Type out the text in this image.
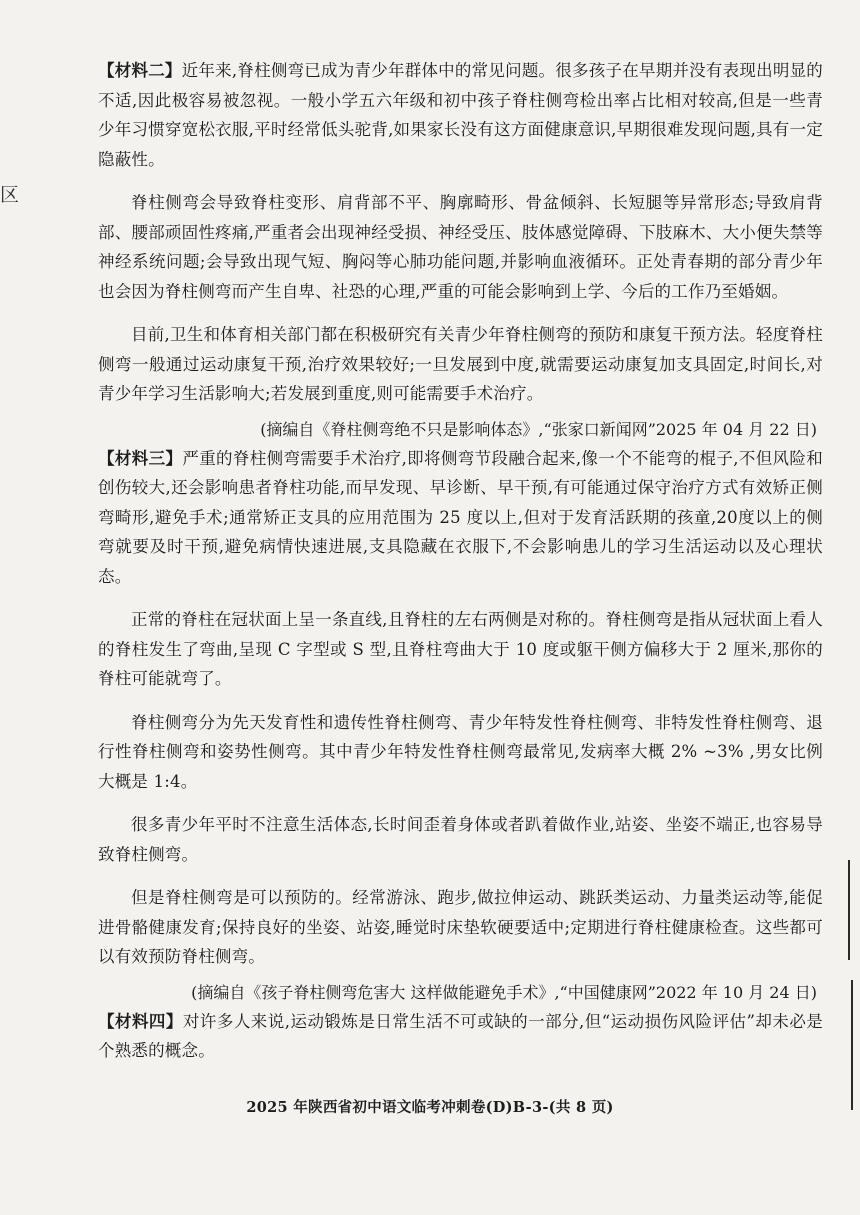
区

【材料二】近年来,脊柱侧弯已成为青少年群体中的常见问题。很多孩子在早期并没有表现出明显的不适,因此极容易被忽视。一般小学五六年级和初中孩子脊柱侧弯检出率占比相对较高,但是一些青少年习惯穿宽松衣服,平时经常低头驼背,如果家长没有这方面健康意识,早期很难发现问题,具有一定隐蔽性。

脊柱侧弯会导致脊柱变形、肩背部不平、胸廓畸形、骨盆倾斜、长短腿等异常形态;导致肩背部、腰部顽固性疼痛,严重者会出现神经受损、神经受压、肢体感觉障碍、下肢麻木、大小便失禁等神经系统问题;会导致出现气短、胸闷等心肺功能问题,并影响血液循环。正处青春期的部分青少年也会因为脊柱侧弯而产生自卑、社恐的心理,严重的可能会影响到上学、今后的工作乃至婚姻。

目前,卫生和体育相关部门都在积极研究有关青少年脊柱侧弯的预防和康复干预方法。轻度脊柱侧弯一般通过运动康复干预,治疗效果较好;一旦发展到中度,就需要运动康复加支具固定,时间长,对青少年学习生活影响大;若发展到重度,则可能需要手术治疗。

(摘编自《脊柱侧弯绝不只是影响体态》,“张家口新闻网”2025 年 04 月 22 日)

【材料三】严重的脊柱侧弯需要手术治疗,即将侧弯节段融合起来,像一个不能弯的棍子,不但风险和创伤较大,还会影响患者脊柱功能,而早发现、早诊断、早干预,有可能通过保守治疗方式有效矫正侧弯畸形,避免手术;通常矫正支具的应用范围为 25 度以上,但对于发育活跃期的孩童,20度以上的侧弯就要及时干预,避免病情快速进展,支具隐藏在衣服下,不会影响患儿的学习生活运动以及心理状态。

正常的脊柱在冠状面上呈一条直线,且脊柱的左右两侧是对称的。脊柱侧弯是指从冠状面上看人的脊柱发生了弯曲,呈现 C 字型或 S 型,且脊柱弯曲大于 10 度或躯干侧方偏移大于 2 厘米,那你的脊柱可能就弯了。

脊柱侧弯分为先天发育性和遗传性脊柱侧弯、青少年特发性脊柱侧弯、非特发性脊柱侧弯、退行性脊柱侧弯和姿势性侧弯。其中青少年特发性脊柱侧弯最常见,发病率大概 2% ~3% ,男女比例大概是 1:4。

很多青少年平时不注意生活体态,长时间歪着身体或者趴着做作业,站姿、坐姿不端正,也容易导致脊柱侧弯。

但是脊柱侧弯是可以预防的。经常游泳、跑步,做拉伸运动、跳跃类运动、力量类运动等,能促进骨骼健康发育;保持良好的坐姿、站姿,睡觉时床垫软硬要适中;定期进行脊柱健康检查。这些都可以有效预防脊柱侧弯。

(摘编自《孩子脊柱侧弯危害大 这样做能避免手术》,“中国健康网”2022 年 10 月 24 日)

【材料四】对许多人来说,运动锻炼是日常生活不可或缺的一部分,但“运动损伤风险评估”却未必是个熟悉的概念。

2025 年陕西省初中语文临考冲刺卷(D)B-3-(共 8 页)
